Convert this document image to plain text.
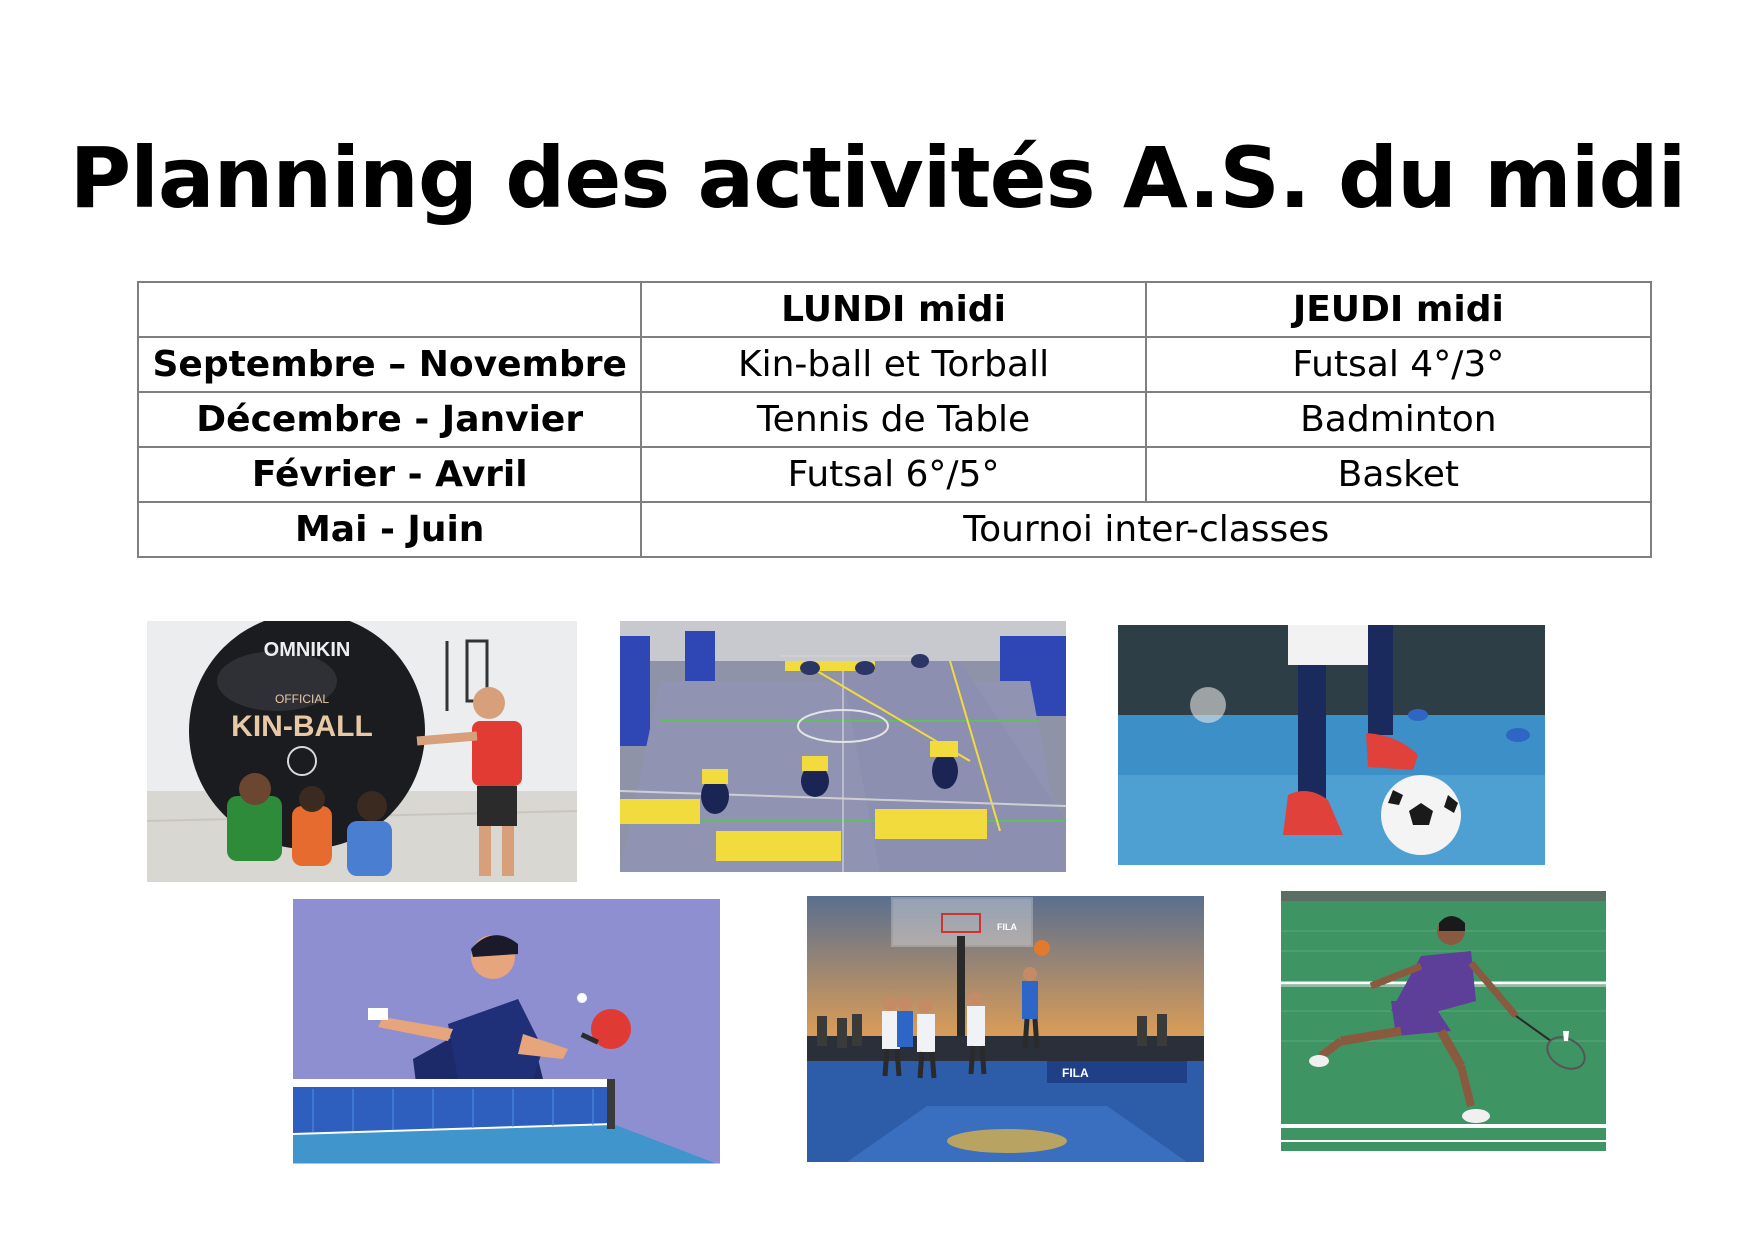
Planning des activités A.S. du midi
	LUNDI midi	JEUDI midi
Septembre – Novembre	Kin-ball et Torball	Futsal 4°/3°
Décembre - Janvier	Tennis de Table	Badminton
Février - Avril	Futsal 6°/5°	Basket
Mai - Juin	Tournoi inter-classes	
OMNIKIN
OFFICIAL
KIN-BALL
FILA
FILA
